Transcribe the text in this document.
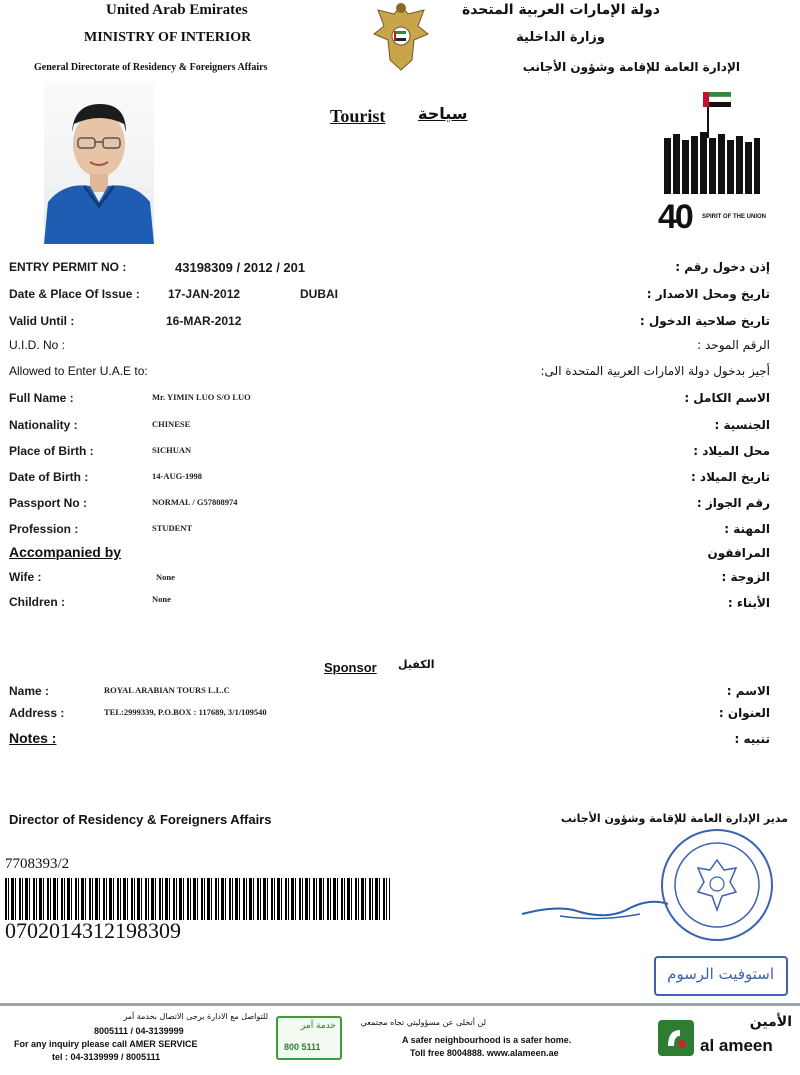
United Arab Emirates
MINISTRY OF INTERIOR
General Directorate of Residency & Foreigners Affairs
دولة الإمارات العربية المتحدة
وزارة الداخلية
الإدارة العامة للإقامة وشؤون الأجانب
Tourist سياحة
40 SPIRIT OF THE UNION
ENTRY PERMIT NO :	43198309 / 2012 / 201	إذن دخول رقم :
Date & Place Of Issue : 17-JAN-2012	DUBAI	تاريخ ومحل الاصدار :
Valid Until :	16-MAR-2012	تاريخ صلاحية الدخول :
U.I.D. No :	الرقم الموحد :
Allowed to Enter U.A.E to:	أجيز بدخول دولة الامارات العربية المتحدة الى:
Full Name :	Mr. YIMIN LUO S/O LUO	الاسم الكامل :
Nationality :	CHINESE	الجنسية :
Place of Birth :	SICHUAN	محل الميلاد :
Date of Birth :	14-AUG-1998	تاريخ الميلاد :
Passport No :	NORMAL / G57808974	رقم الجواز :
Profession :	STUDENT	المهنة :
Accompanied by	المرافقون
Wife :	None	الزوجة :
Children :	None	الأبناء :
Sponsor الكفيل
Name :	ROYAL ARABIAN TOURS L.L.C	الاسم :
Address :	TEL:2999339, P.O.BOX : 117689, 3/1/109540	العنوان :
Notes :	تنبيه :
Director of Residency & Foreigners Affairs	مدير الإدارة العامة للإقامة وشؤون الأجانب
استوفيت الرسوم
7708393/2
0702014312198309
للتواصل مع الادارة يرجى الاتصال بخدمة آمر
8005111 / 04-3139999
For any inquiry please call AMER SERVICE
tel : 04-3139999 / 8005111
خدمة آمر
800 5111
لن أتخلى عن مسؤوليتي تجاه مجتمعي
A safer neighbourhood is a safer home.
Toll free 8004888. www.alameen.ae
الأمين
al ameen
